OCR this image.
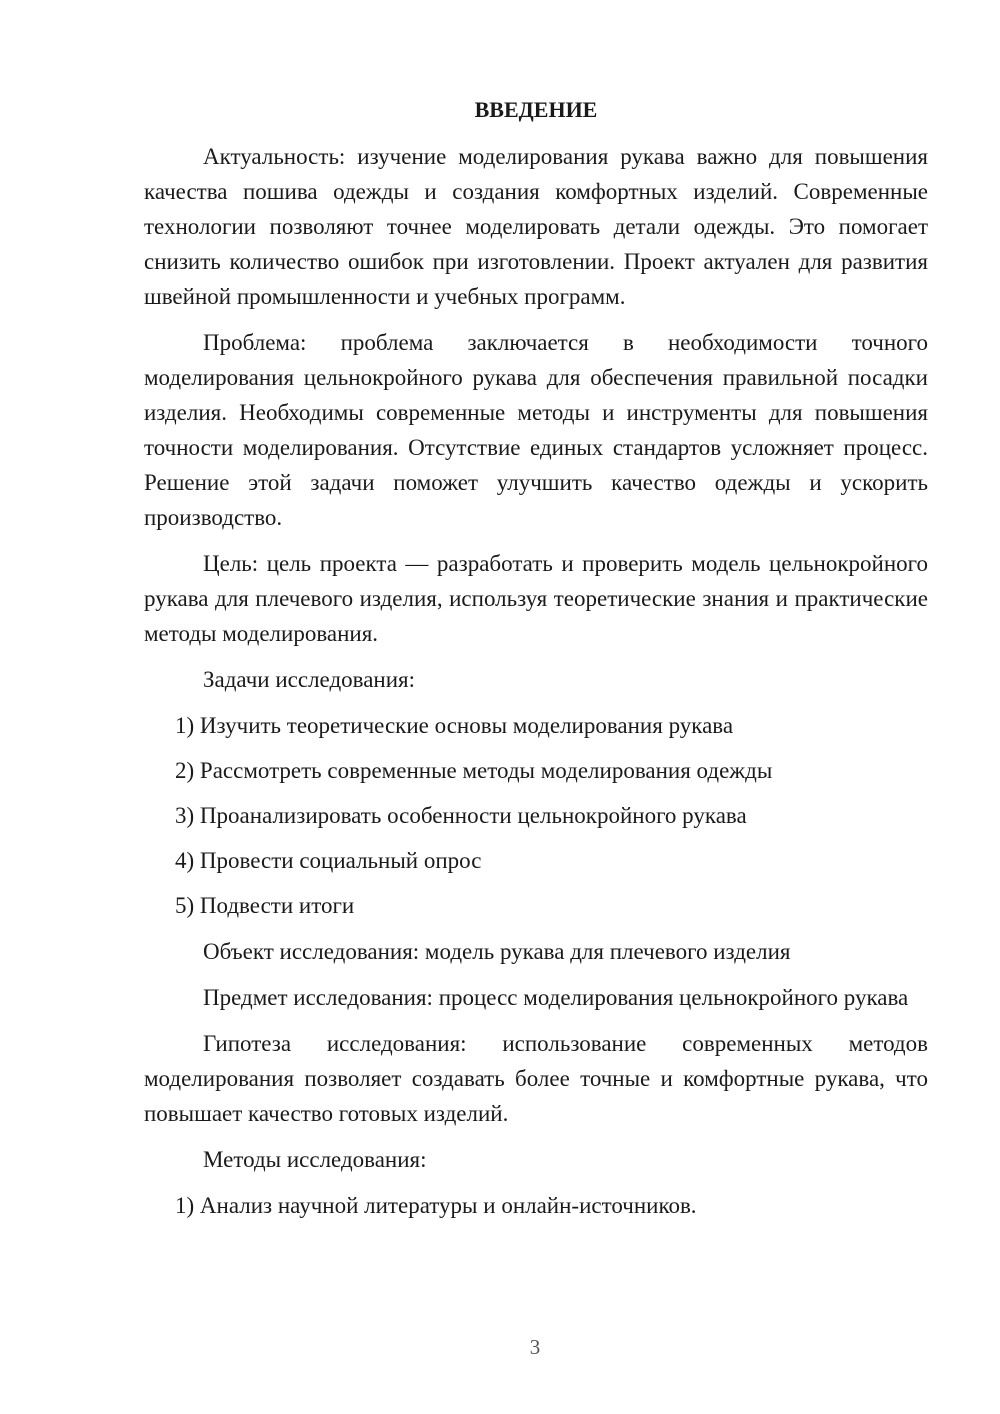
ВВЕДЕНИЕ

Актуальность: изучение моделирования рукава важно для повышения качества пошива одежды и создания комфортных изделий. Современные технологии позволяют точнее моделировать детали одежды. Это помогает снизить количество ошибок при изготовлении. Проект актуален для развития швейной промышленности и учебных программ.

Проблема: проблема заключается в необходимости точного моделирования цельнокройного рукава для обеспечения правильной посадки изделия. Необходимы современные методы и инструменты для повышения точности моделирования. Отсутствие единых стандартов усложняет процесс. Решение этой задачи поможет улучшить качество одежды и ускорить производство.

Цель: цель проекта — разработать и проверить модель цельнокройного рукава для плечевого изделия, используя теоретические знания и практические методы моделирования.

Задачи исследования:

1) Изучить теоретические основы моделирования рукава
2) Рассмотреть современные методы моделирования одежды
3) Проанализировать особенности цельнокройного рукава
4) Провести социальный опрос
5) Подвести итоги

Объект исследования: модель рукава для плечевого изделия

Предмет исследования: процесс моделирования цельнокройного рукава

Гипотеза исследования: использование современных методов моделирования позволяет создавать более точные и комфортные рукава, что повышает качество готовых изделий.

Методы исследования:

1) Анализ научной литературы и онлайн-источников.
3
